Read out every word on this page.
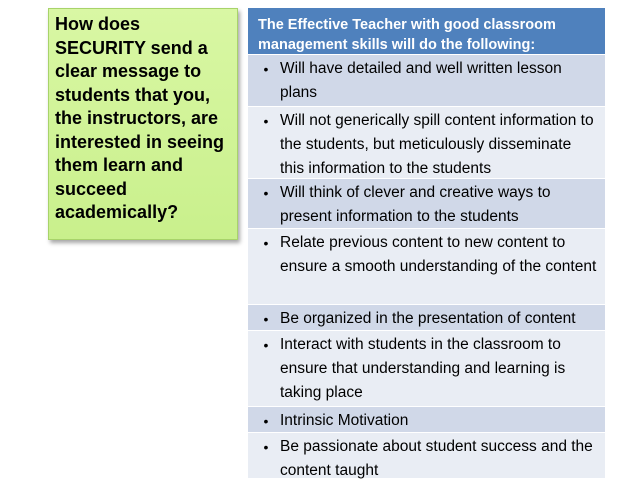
How does SECURITY send a clear message to students that you, the instructors, are interested in seeing them learn and succeed academically?

The Effective Teacher with good classroom management skills will do the following:
• Will have detailed and well written lesson plans
• Will not generically spill content information to the students, but meticulously disseminate this information to the students
• Will think of clever and creative ways to present information to the students
• Relate previous content to new content to ensure a smooth understanding of the content
• Be organized in the presentation of content
• Interact with students in the classroom to ensure that understanding and learning is taking place
• Intrinsic Motivation
• Be passionate about student success and the content taught
